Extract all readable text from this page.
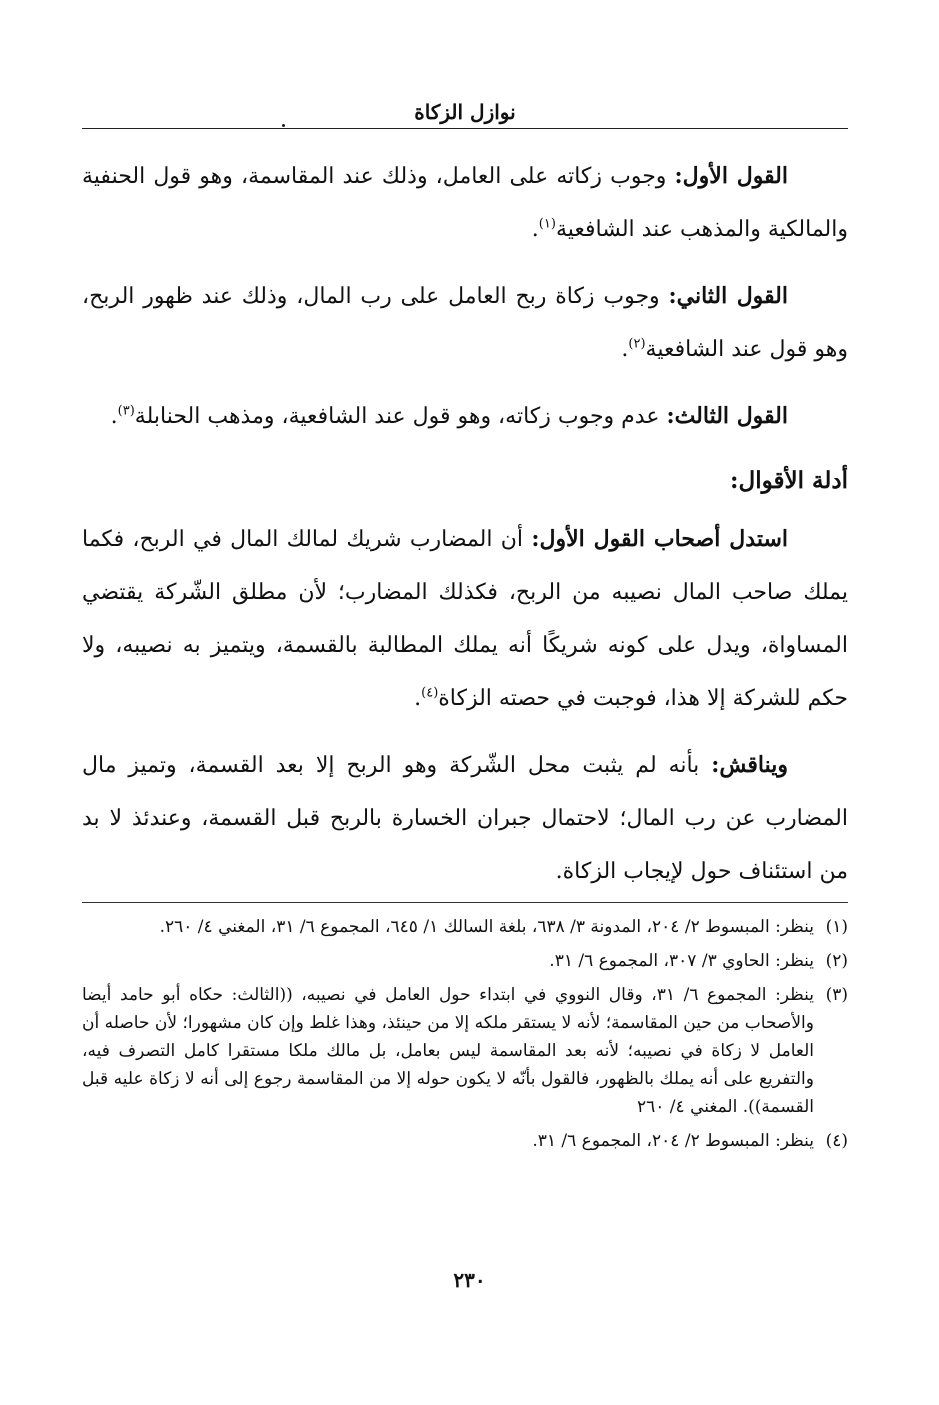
نوازل الزكاة

القول الأول: وجوب زكاته على العامل، وذلك عند المقاسمة، وهو قول الحنفية والمالكية والمذهب عند الشافعية$^{(١)}$.

القول الثاني: وجوب زكاة ربح العامل على رب المال، وذلك عند ظهور الربح، وهو قول عند الشافعية$^{(٢)}$.

القول الثالث: عدم وجوب زكاته، وهو قول عند الشافعية، ومذهب الحنابلة$^{(٣)}$.

أدلة الأقوال:

استدل أصحاب القول الأول: أن المضارب شريك لمالك المال في الربح، فكما يملك صاحب المال نصيبه من الربح، فكذلك المضارب؛ لأن مطلق الشّركة يقتضي المساواة، ويدل على كونه شريكًا أنه يملك المطالبة بالقسمة، ويتميز به نصيبه، ولا حكم للشركة إلا هذا، فوجبت في حصته الزكاة$^{(٤)}$.

ويناقش: بأنه لم يثبت محل الشّركة وهو الربح إلا بعد القسمة، وتميز مال المضارب عن رب المال؛ لاحتمال جبران الخسارة بالربح قبل القسمة، وعندئذ لا بد من استئناف حول لإيجاب الزكاة.

(١)
ينظر: المبسوط ٢/ ٢٠٤، المدونة ٣/ ٦٣٨، بلغة السالك ١/ ٦٤٥، المجموع ٦/ ٣١، المغني ٤/ ٢٦٠.
(٢)
ينظر: الحاوي ٣/ ٣٠٧، المجموع ٦/ ٣١.
(٣)
ينظر: المجموع ٦/ ٣١، وقال النووي في ابتداء حول العامل في نصيبه، ((الثالث: حكاه أبو حامد أيضا والأصحاب من حين المقاسمة؛ لأنه لا يستقر ملكه إلا من حينئذ، وهذا غلط وإن كان مشهورا؛ لأن حاصله أن العامل لا زكاة في نصيبه؛ لأنه بعد المقاسمة ليس بعامل، بل مالك ملكا مستقرا كامل التصرف فيه، والتفريع على أنه يملك بالظهور، فالقول بأنّه لا يكون حوله إلا من المقاسمة رجوع إلى أنه لا زكاة عليه قبل القسمة)). المغني ٤/ ٢٦٠
(٤)
ينظر: المبسوط ٢/ ٢٠٤، المجموع ٦/ ٣١.
٢٣٠
